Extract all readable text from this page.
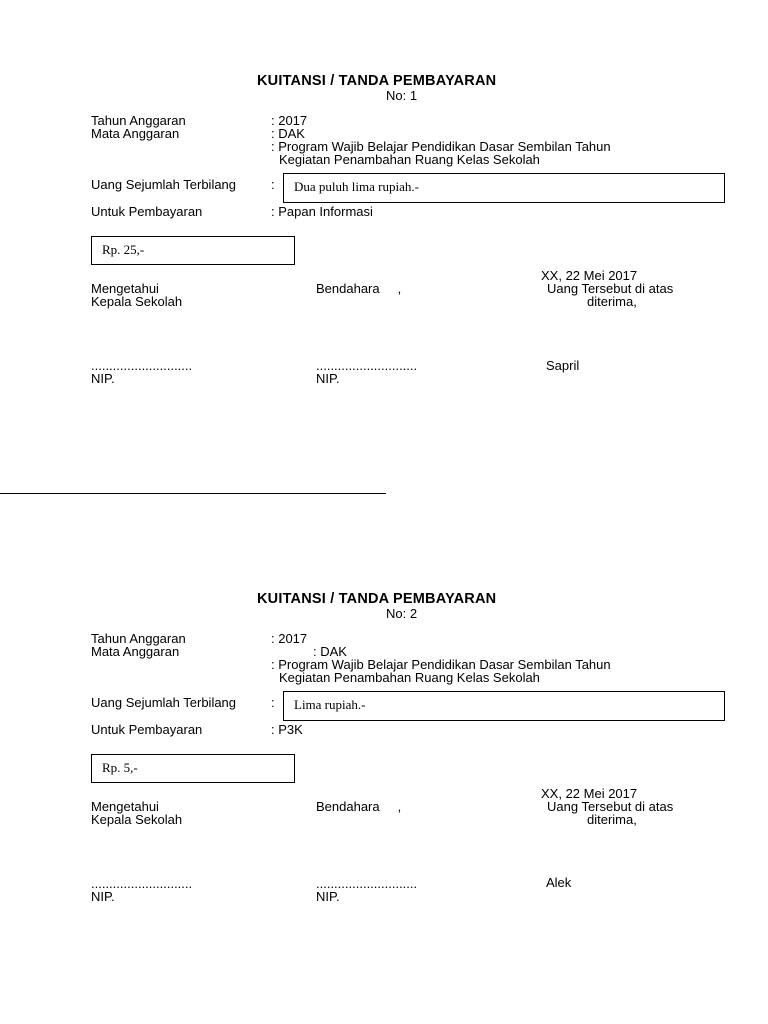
KUITANSI / TANDA PEMBAYARAN
No: 1
Tahun Anggaran	: 2017
Mata Anggaran	: DAK
: Program Wajib Belajar Pendidikan Dasar Sembilan Tahun
Kegiatan Penambahan Ruang Kelas Sekolah
Uang Sejumlah Terbilang	: Dua puluh lima rupiah.-
Untuk Pembayaran	: Papan Informasi
Rp. 25,-
XX, 22 Mei 2017
Mengetahui
Kepala Sekolah
Bendahara     ,	Uang Tersebut di atas
diterima,
............................	............................	Sapril
NIP.	NIP.
KUITANSI / TANDA PEMBAYARAN
No: 2
Tahun Anggaran	: 2017
Mata Anggaran	: DAK
: Program Wajib Belajar Pendidikan Dasar Sembilan Tahun
Kegiatan Penambahan Ruang Kelas Sekolah
Uang Sejumlah Terbilang	: Lima rupiah.-
Untuk Pembayaran	: P3K
Rp. 5,-
XX, 22 Mei 2017
Mengetahui
Kepala Sekolah
Bendahara     ,	Uang Tersebut di atas
diterima,
............................	............................	Alek
NIP.	NIP.
